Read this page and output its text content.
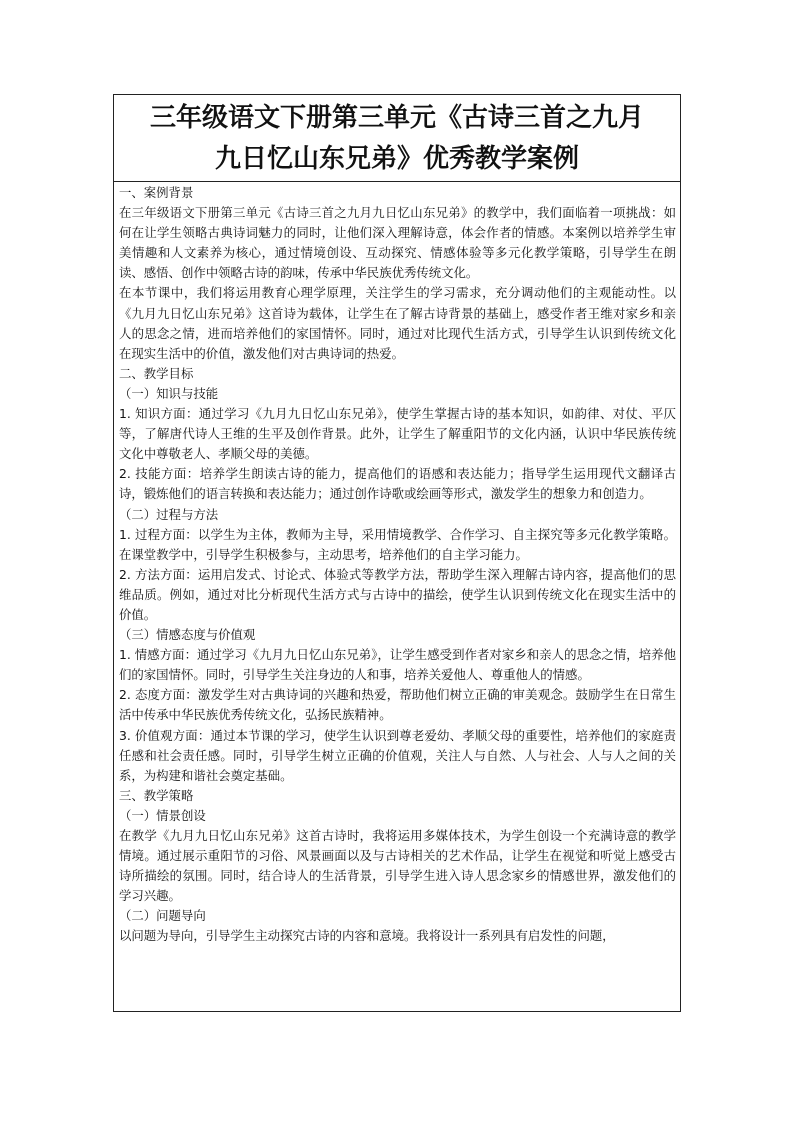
三年级语文下册第三单元《古诗三首之九月
九日忆山东兄弟》优秀教学案例

一、案例背景

在三年级语文下册第三单元《古诗三首之九月九日忆山东兄弟》的教学中，我们面临着一项挑战：如何在让学生领略古典诗词魅力的同时，让他们深入理解诗意，体会作者的情感。本案例以培养学生审美情趣和人文素养为核心，通过情境创设、互动探究、情感体验等多元化教学策略，引导学生在朗读、感悟、创作中领略古诗的韵味，传承中华民族优秀传统文化。

在本节课中，我们将运用教育心理学原理，关注学生的学习需求，充分调动他们的主观能动性。以《九月九日忆山东兄弟》这首诗为载体，让学生在了解古诗背景的基础上，感受作者王维对家乡和亲人的思念之情，进而培养他们的家国情怀。同时，通过对比现代生活方式，引导学生认识到传统文化在现实生活中的价值，激发他们对古典诗词的热爱。

二、教学目标

（一）知识与技能

1. 知识方面：通过学习《九月九日忆山东兄弟》，使学生掌握古诗的基本知识，如韵律、对仗、平仄等，了解唐代诗人王维的生平及创作背景。此外，让学生了解重阳节的文化内涵，认识中华民族传统文化中尊敬老人、孝顺父母的美德。

2. 技能方面：培养学生朗读古诗的能力，提高他们的语感和表达能力；指导学生运用现代文翻译古诗，锻炼他们的语言转换和表达能力；通过创作诗歌或绘画等形式，激发学生的想象力和创造力。

（二）过程与方法

1. 过程方面：以学生为主体，教师为主导，采用情境教学、合作学习、自主探究等多元化教学策略。在课堂教学中，引导学生积极参与，主动思考，培养他们的自主学习能力。

2. 方法方面：运用启发式、讨论式、体验式等教学方法，帮助学生深入理解古诗内容，提高他们的思维品质。例如，通过对比分析现代生活方式与古诗中的描绘，使学生认识到传统文化在现实生活中的价值。

（三）情感态度与价值观

1. 情感方面：通过学习《九月九日忆山东兄弟》，让学生感受到作者对家乡和亲人的思念之情，培养他们的家国情怀。同时，引导学生关注身边的人和事，培养关爱他人、尊重他人的情感。

2. 态度方面：激发学生对古典诗词的兴趣和热爱，帮助他们树立正确的审美观念。鼓励学生在日常生活中传承中华民族优秀传统文化，弘扬民族精神。

3. 价值观方面：通过本节课的学习，使学生认识到尊老爱幼、孝顺父母的重要性，培养他们的家庭责任感和社会责任感。同时，引导学生树立正确的价值观，关注人与自然、人与社会、人与人之间的关系，为构建和谐社会奠定基础。

三、教学策略

（一）情景创设

在教学《九月九日忆山东兄弟》这首古诗时，我将运用多媒体技术，为学生创设一个充满诗意的教学情境。通过展示重阳节的习俗、风景画面以及与古诗相关的艺术作品，让学生在视觉和听觉上感受古诗所描绘的氛围。同时，结合诗人的生活背景，引导学生进入诗人思念家乡的情感世界，激发他们的学习兴趣。

（二）问题导向

以问题为导向，引导学生主动探究古诗的内容和意境。我将设计一系列具有启发性的问题，
